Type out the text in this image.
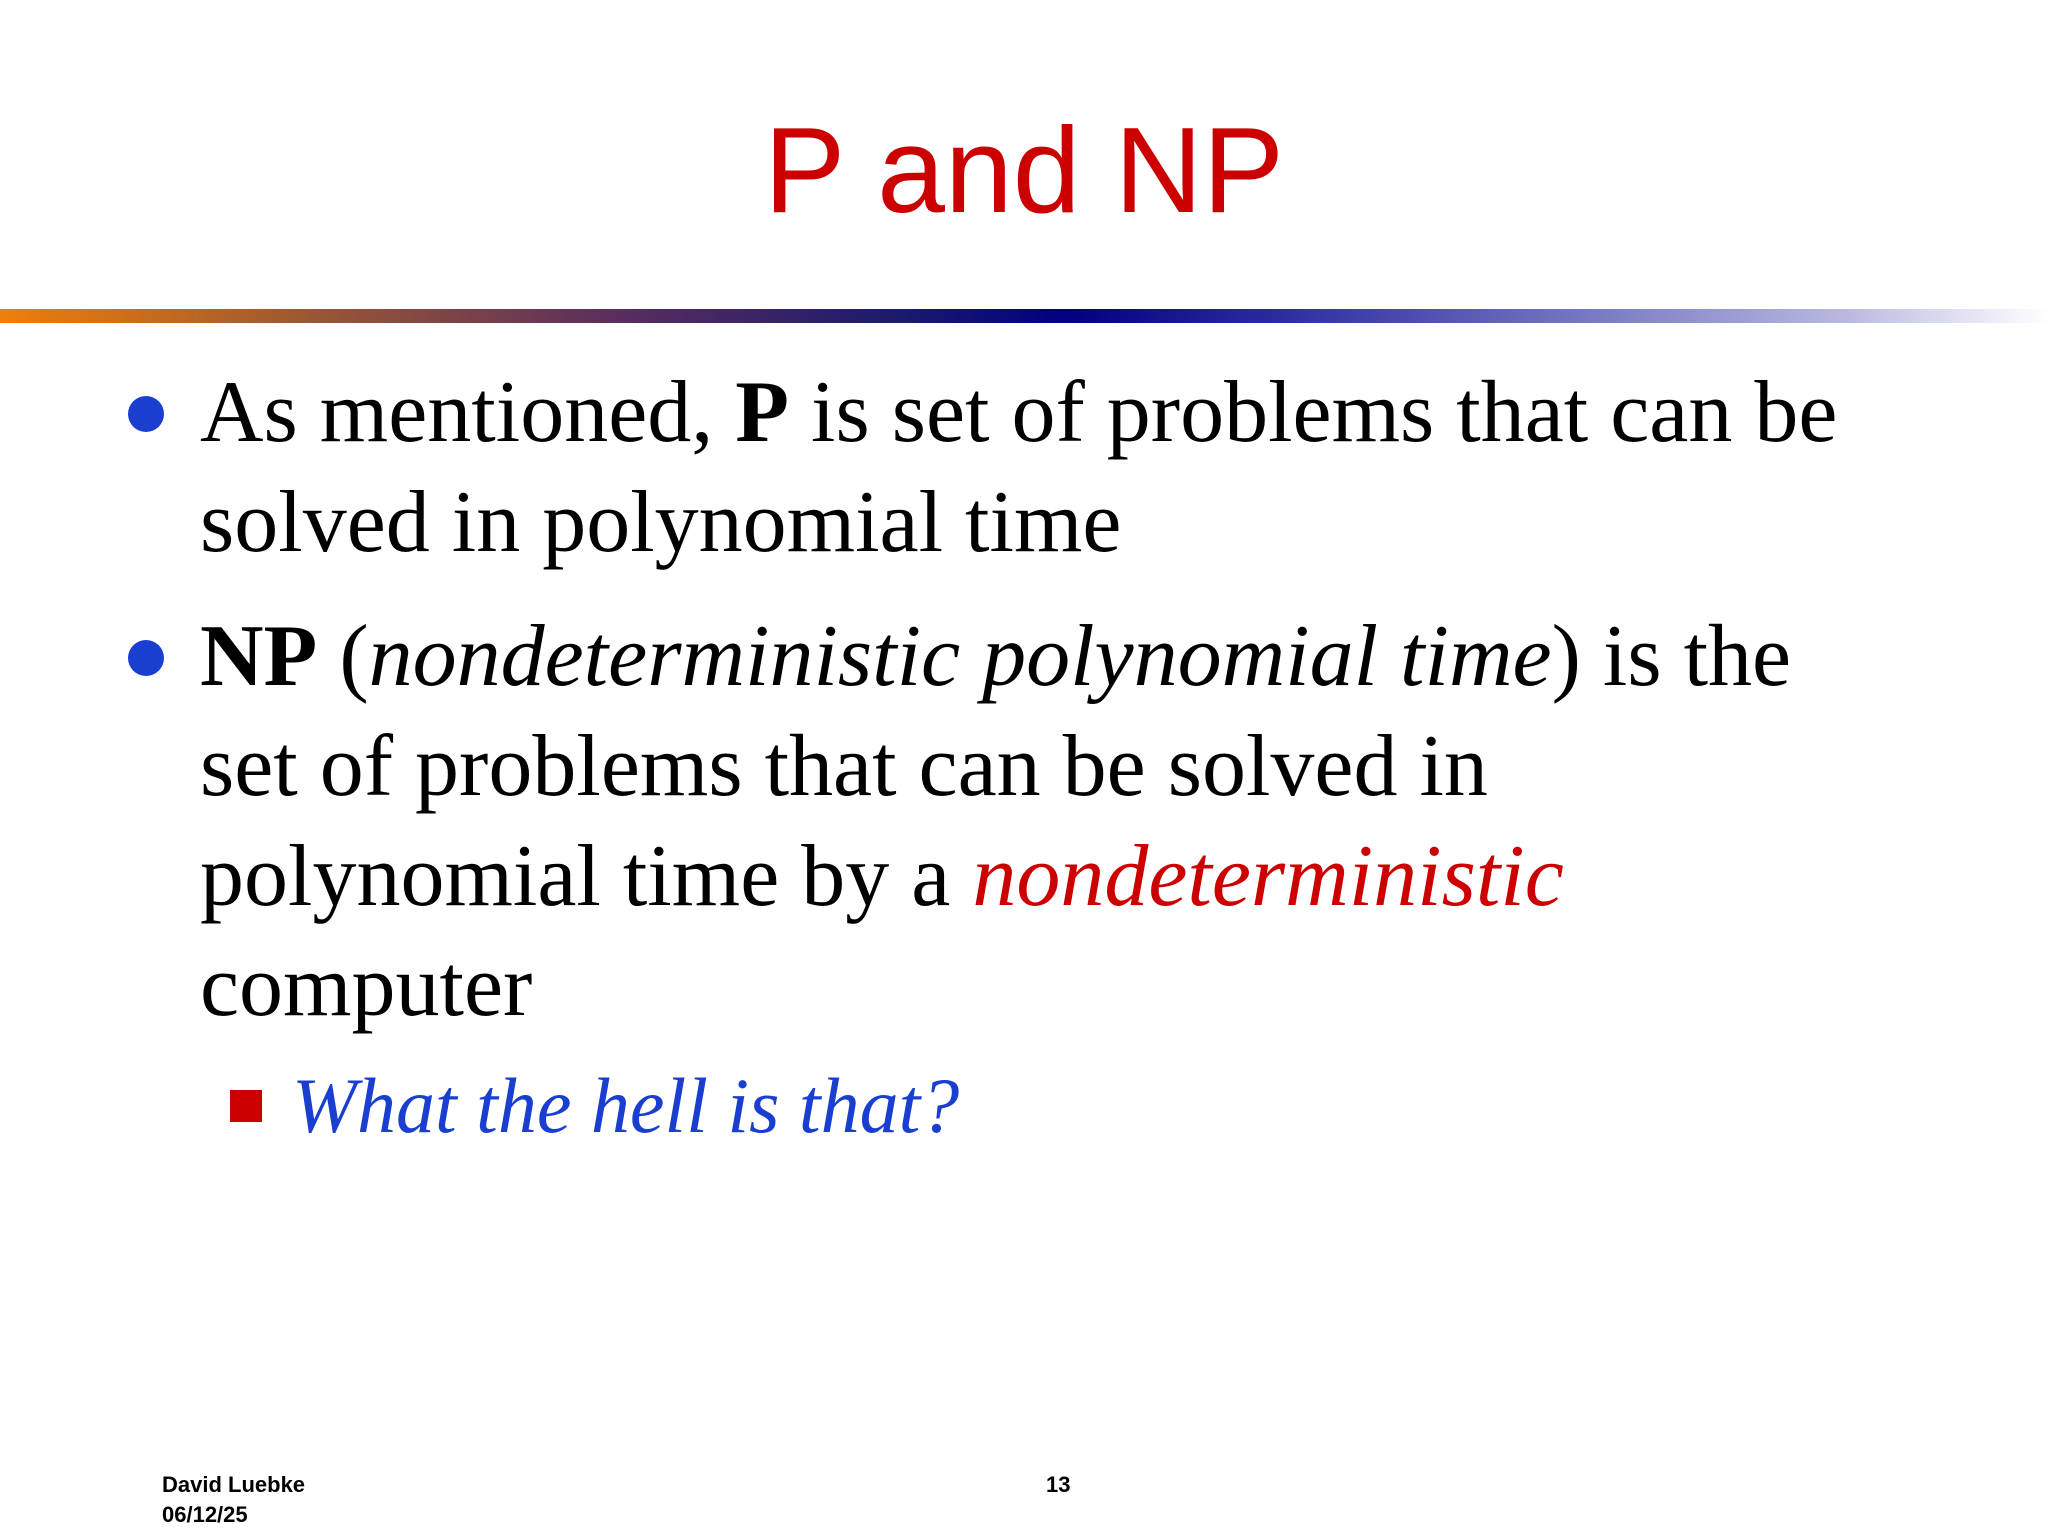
P and NP
As mentioned, P is set of problems that can be
solved in polynomial time
NP (nondeterministic polynomial time) is the
set of problems that can be solved in
polynomial time by a nondeterministic
computer
What the hell is that?
David Luebke
06/12/25
13
